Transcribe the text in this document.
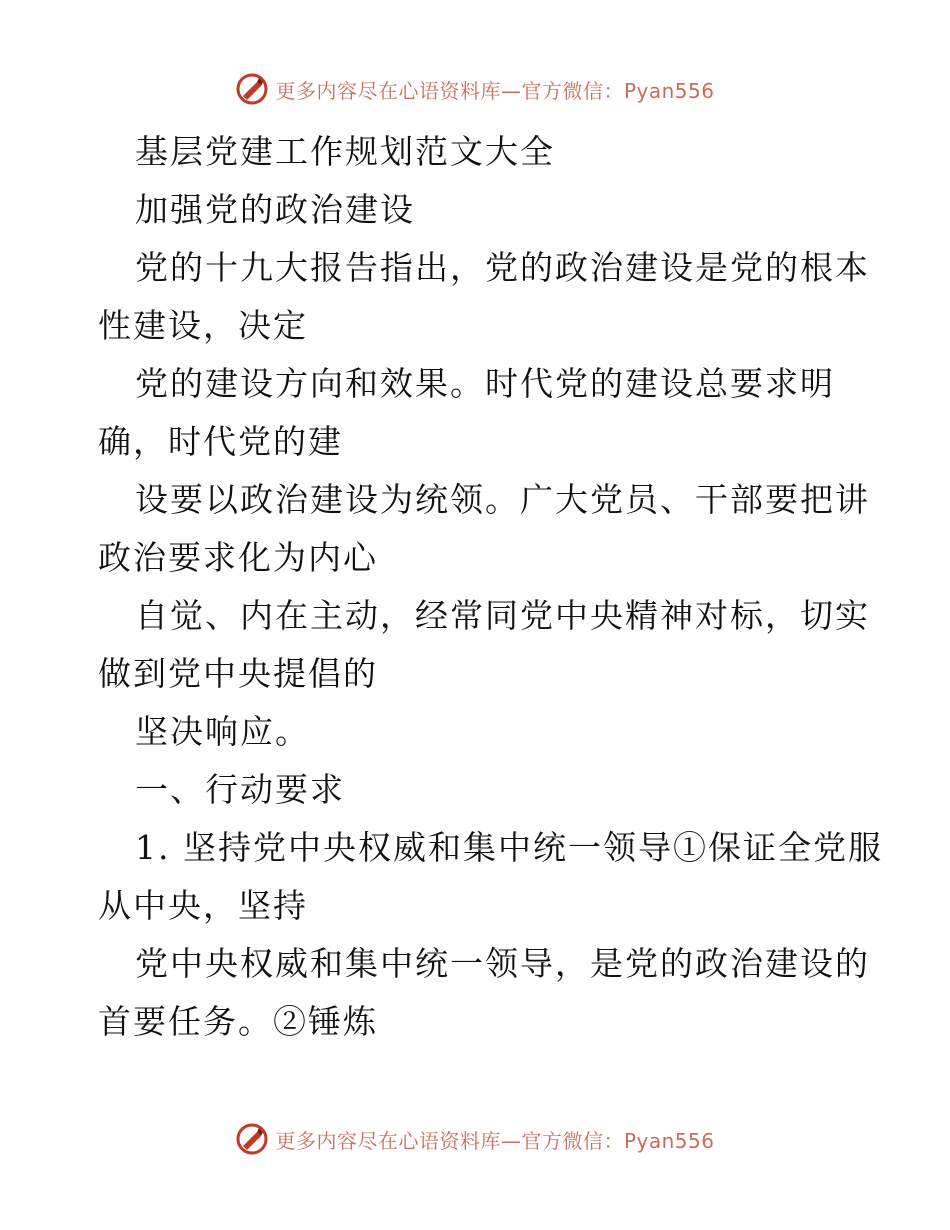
更多内容尽在心语资料库—官方微信：Pyan556
基层党建工作规划范文大全
加强党的政治建设
党的十九大报告指出，党的政治建设是党的根本
性建设，决定
党的建设方向和效果。时代党的建设总要求明
确，时代党的建
设要以政治建设为统领。广大党员、干部要把讲
政治要求化为内心
自觉、内在主动，经常同党中央精神对标，切实
做到党中央提倡的
坚决响应。
一、行动要求
1. 坚持党中央权威和集中统一领导①保证全党服
从中央，坚持
党中央权威和集中统一领导，是党的政治建设的
首要任务。②锤炼
更多内容尽在心语资料库—官方微信：Pyan556
